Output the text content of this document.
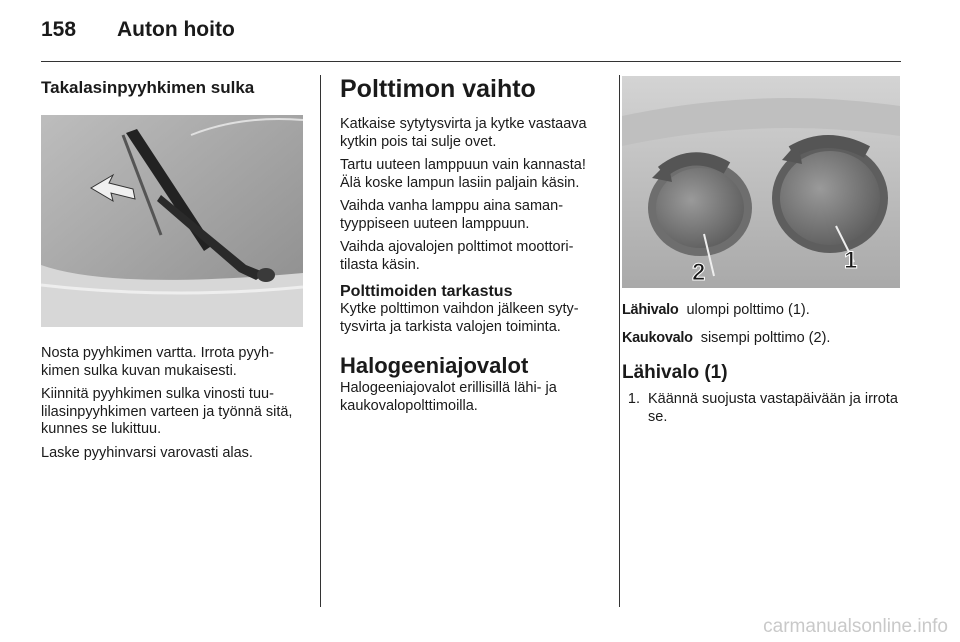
158 Auton hoito
Takalasinpyyhkimen sulka

Nosta pyyhkimen vartta. Irrota pyyhkimen sulka kuvan mukaisesti.

Kiinnitä pyyhkimen sulka vinosti tuulilasinpyyhkimen varteen ja työnnä sitä, kunnes se lukittuu.

Laske pyyhinvarsi varovasti alas.

Polttimon vaihto

Katkaise sytytysvirta ja kytke vastaava kytkin pois tai sulje ovet.

Tartu uuteen lamppuun vain kannasta! Älä koske lampun lasiin paljain käsin.

Vaihda vanha lamppu aina samantyyppiseen uuteen lamppuun.

Vaihda ajovalojen polttimot moottoritilasta käsin.

Polttimoiden tarkastus

Kytke polttimon vaihdon jälkeen sytytysvirta ja tarkista valojen toiminta.

Halogeeniajovalot

Halogeeniajovalot erillisillä lähi- ja kaukovalopolttimoilla.

2	1

Lähivalo ulompi polttimo (1).

Kaukovalo sisempi polttimo (2).

Lähivalo (1)
1. Käännä suojusta vastapäivään ja irrota se.
carmanualsonline.info
